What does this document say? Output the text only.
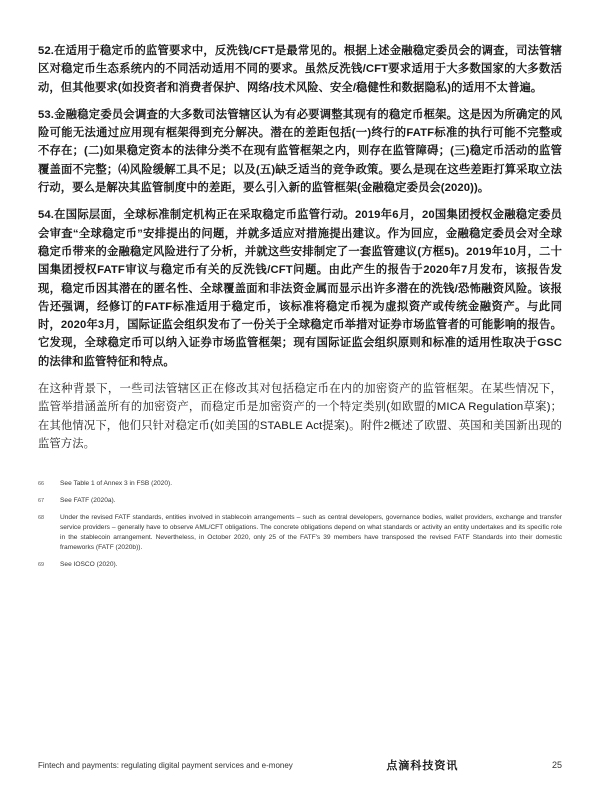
52.在适用于稳定币的监管要求中，反洗钱/CFT是最常见的。根据上述金融稳定委员会的调查，司法管辖区对稳定币生态系统内的不同活动适用不同的要求。虽然反洗钱/CFT要求适用于大多数国家的大多数活动，但其他要求(如投资者和消费者保护、网络/技术风险、安全/稳健性和数据隐私)的适用不太普遍。

53.金融稳定委员会调查的大多数司法管辖区认为有必要调整其现有的稳定币框架。这是因为所确定的风险可能无法通过应用现有框架得到充分解决。潜在的差距包括(一)终行的FATF标准的执行可能不完整或不存在；(二)如果稳定资本的法律分类不在现有监管框架之内，则存在监管障碍；(三)稳定币活动的监管覆盖面不完整；⑷风险缓解工具不足；以及(五)缺乏适当的竞争政策。要么是现在这些差距打算采取立法行动，要么是解决其监管制度中的差距，要么引入新的监管框架(金融稳定委员会(2020))。

54.在国际层面，全球标准制定机构正在采取稳定币监管行动。2019年6月，20国集团授权金融稳定委员会审查“全球稳定币”安排提出的问题，并就多适应对措施提出建议。作为回应，金融稳定委员会对全球稳定币带来的金融稳定风险进行了分析，并就这些安排制定了一套监管建议(方框5)。2019年10月，二十国集团授权FATF审议与稳定币有关的反洗钱/CFT问题。由此产生的报告于2020年7月发布，该报告发现，稳定币因其潜在的匿名性、全球覆盖面和非法资金属而显示出许多潜在的洗钱/恐怖融资风险。该报告还强调，经修订的FATF标准适用于稳定币，该标准将稳定币视为虚拟资产或传统金融资产。与此同时，2020年3月，国际证监会组织发布了一份关于全球稳定币举措对证券市场监管者的可能影响的报告。它发现，全球稳定币可以纳入证券市场监管框架；现有国际证监会组织原则和标准的适用性取决于GSC的法律和监管特征和特点。

在这种背景下，一些司法管辖区正在修改其对包括稳定币在内的加密资产的监管框架。在某些情况下，监管举措涵盖所有的加密资产，而稳定币是加密资产的一个特定类别(如欧盟的MICA Regulation草案)；在其他情况下，他们只针对稳定币(如美国的STABLE Act提案)。附件2概述了欧盟、英国和美国新出现的监管方法。

66	See Table 1 of Annex 3 in FSB (2020).
67	See FATF (2020a).
68	Under the revised FATF standards, entities involved in stablecoin arrangements – such as central developers, governance bodies, wallet providers, exchange and transfer service providers – generally have to observe AML/CFT obligations. The concrete obligations depend on what standards or activity an entity undertakes and its specific role in the stablecoin arrangement. Nevertheless, in October 2020, only 25 of the FATF's 39 members have transposed the revised FATF Standards into their domestic frameworks (FATF (2020b)).
69	See IOSCO (2020).
Fintech and payments: regulating digital payment services and e-money	点滴科技资讯	25
